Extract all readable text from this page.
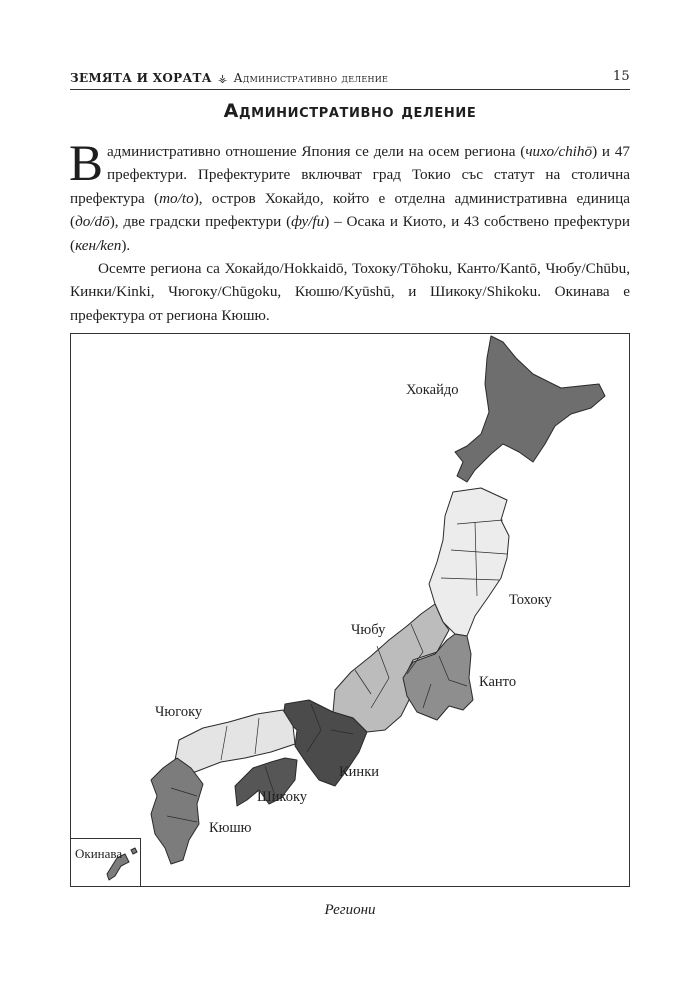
ЗЕМЯТА И ХОРАТА ⚶ Административно деление	15
Административно деление

В административно отношение Япония се дели на осем региона (чихо/chihō) и 47 префектури. Префектурите включват град Токио със статут на столична префектура (то/to), остров Хокайдо, който е отделна административна единица (до/dō), две градски префектури (фу/fu) – Осака и Киото, и 43 собствено префектури (кен/ken).

Осемте региона са Хокайдо/Hokkaidō, Тохоку/Tōhoku, Канто/Kantō, Чюбу/Chūbu, Кинки/Kinki, Чюгоку/Chūgoku, Кюшю/Kyūshū, и Шикоку/Shikoku. Окинава е префектура от региона Кюшю.

Хокайдо
Тохоку
Чюбу
Канто
Чюгоку
Кинки
Шикоку
Кюшю
Окинава
Региони
